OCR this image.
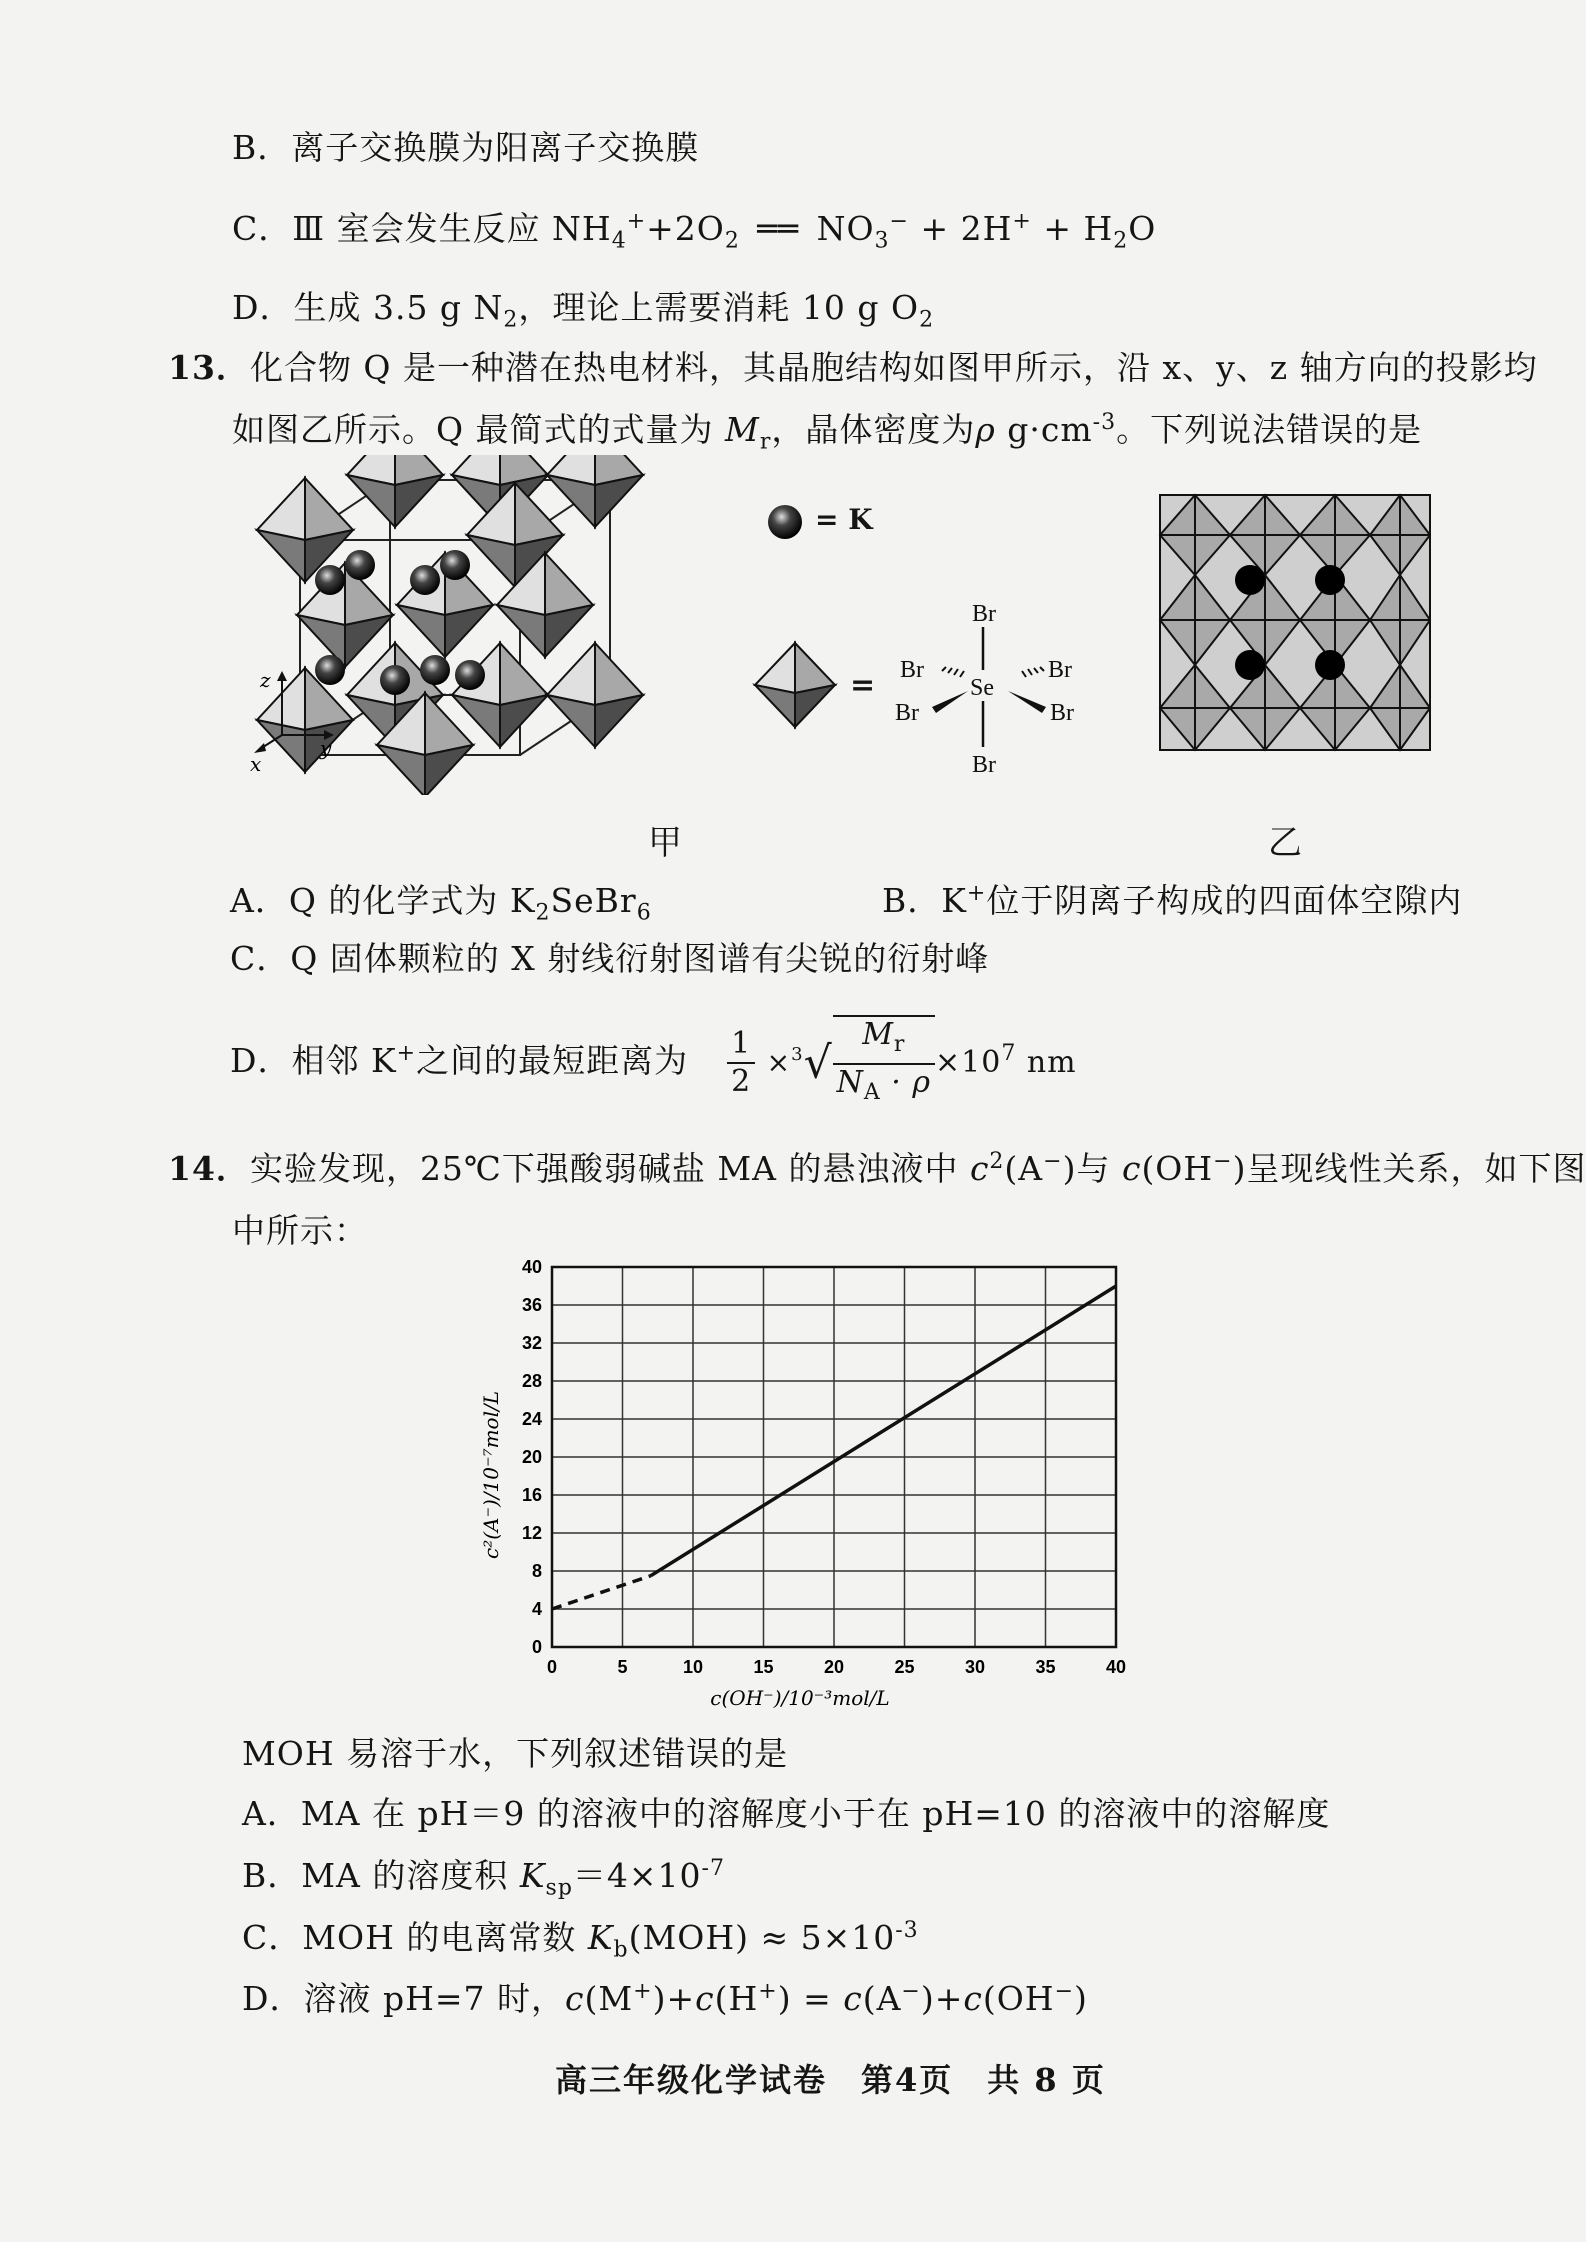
B．离子交换膜为阳离子交换膜
C．Ⅲ 室会发生反应 $NH_4^++2O_2$ ══ $NO_3^- + 2H^+ + H_2O$
D．生成 3.5 g $N_2$，理论上需要消耗 10 g $O_2$
13．化合物 Q 是一种潜在热电材料，其晶胞结构如图甲所示，沿 x、y、z 轴方向的投影均
如图乙所示。Q 最简式的式量为 $M_r$，晶体密度为ρ $g\cdot cm^{-3}$。下列说法错误的是
z
y
x
= K
=
Br
Br	Br
Se
Br	Br
Br
甲	乙
A．Q 的化学式为 $K_2SeBr_6$	B．K+位于阴离子构成的四面体空隙内
C．Q 固体颗粒的 X 射线衍射图谱有尖锐的衍射峰
D．相邻 K+之间的最短距离为 $\frac{1}{2} \times^3√ \frac{M_r}{N_A \cdot \rho} \times 10^7$ nm
14．实验发现，25℃下强酸弱碱盐 MA 的悬浊液中 $c^2(A^-)$与 c(OH−)呈现线性关系，如下图
中所示：
0	5	10	15	20	25	30	35	40
0
4
8
12
16
20
24
28
32
36
40
c(OH⁻)/10⁻³mol/L
c²(A⁻)/10⁻⁷mol/L
MOH 易溶于水，下列叙述错误的是
A．MA 在 pH＝9 的溶液中的溶解度小于在 pH=10 的溶液中的溶解度
B．MA 的溶度积 $K_{sp}=4\times 10^{-7}$
C．MOH 的电离常数 $K_b(MOH) \approx 5\times 10^{-3}$
D．溶液 pH=7 时，c(M+)+c(H+) = c(A−)+c(OH−)
高三年级化学试卷　第4页　共 8 页
